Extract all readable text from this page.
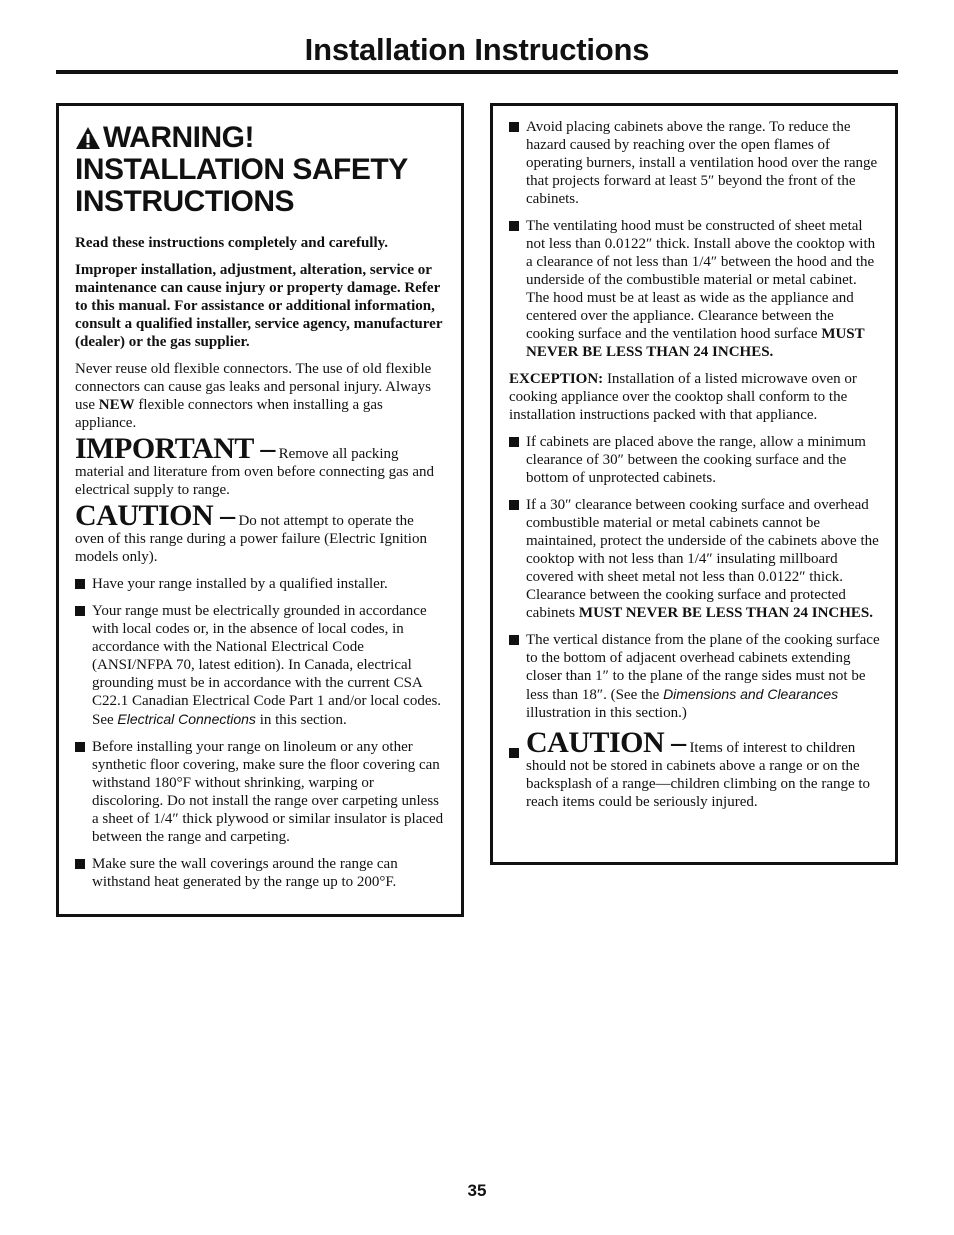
Installation Instructions
WARNING!
INSTALLATION SAFETY
INSTRUCTIONS

Read these instructions completely and carefully.

Improper installation, adjustment, alteration, service or maintenance can cause injury or property damage. Refer to this manual. For assistance or additional information, consult a qualified installer, service agency, manufacturer (dealer) or the gas supplier.

Never reuse old flexible connectors. The use of old flexible connectors can cause gas leaks and personal injury. Always use NEW flexible connectors when installing a gas appliance.

IMPORTANT – Remove all packing material and literature from oven before connecting gas and electrical supply to range.

CAUTION – Do not attempt to operate the oven of this range during a power failure (Electric Ignition models only).

Have your range installed by a qualified installer.
Your range must be electrically grounded in accordance with local codes or, in the absence of local codes, in accordance with the National Electrical Code (ANSI/NFPA 70, latest edition). In Canada, electrical grounding must be in accordance with the current CSA C22.1 Canadian Electrical Code Part 1 and/or local codes. See Electrical Connections in this section.
Before installing your range on linoleum or any other synthetic floor covering, make sure the floor covering can withstand 180°F without shrinking, warping or discoloring. Do not install the range over carpeting unless a sheet of 1/4″ thick plywood or similar insulator is placed between the range and carpeting.
Make sure the wall coverings around the range can withstand heat generated by the range up to 200°F.
Avoid placing cabinets above the range. To reduce the hazard caused by reaching over the open flames of operating burners, install a ventilation hood over the range that projects forward at least 5″ beyond the front of the cabinets.
The ventilating hood must be constructed of sheet metal not less than 0.0122″ thick. Install above the cooktop with a clearance of not less than 1/4″ between the hood and the underside of the combustible material or metal cabinet. The hood must be at least as wide as the appliance and centered over the appliance. Clearance between the cooking surface and the ventilation hood surface MUST NEVER BE LESS THAN 24 INCHES.

EXCEPTION: Installation of a listed microwave oven or cooking appliance over the cooktop shall conform to the installation instructions packed with that appliance.

If cabinets are placed above the range, allow a minimum clearance of 30″ between the cooking surface and the bottom of unprotected cabinets.
If a 30″ clearance between cooking surface and overhead combustible material or metal cabinets cannot be maintained, protect the underside of the cabinets above the cooktop with not less than 1/4″ insulating millboard covered with sheet metal not less than 0.0122″ thick. Clearance between the cooking surface and protected cabinets MUST NEVER BE LESS THAN 24 INCHES.
The vertical distance from the plane of the cooking surface to the bottom of adjacent overhead cabinets extending closer than 1″ to the plane of the range sides must not be less than 18″. (See the Dimensions and Clearances illustration in this section.)
CAUTION – Items of interest to children should not be stored in cabinets above a range or on the backsplash of a range—children climbing on the range to reach items could be seriously injured.
35
